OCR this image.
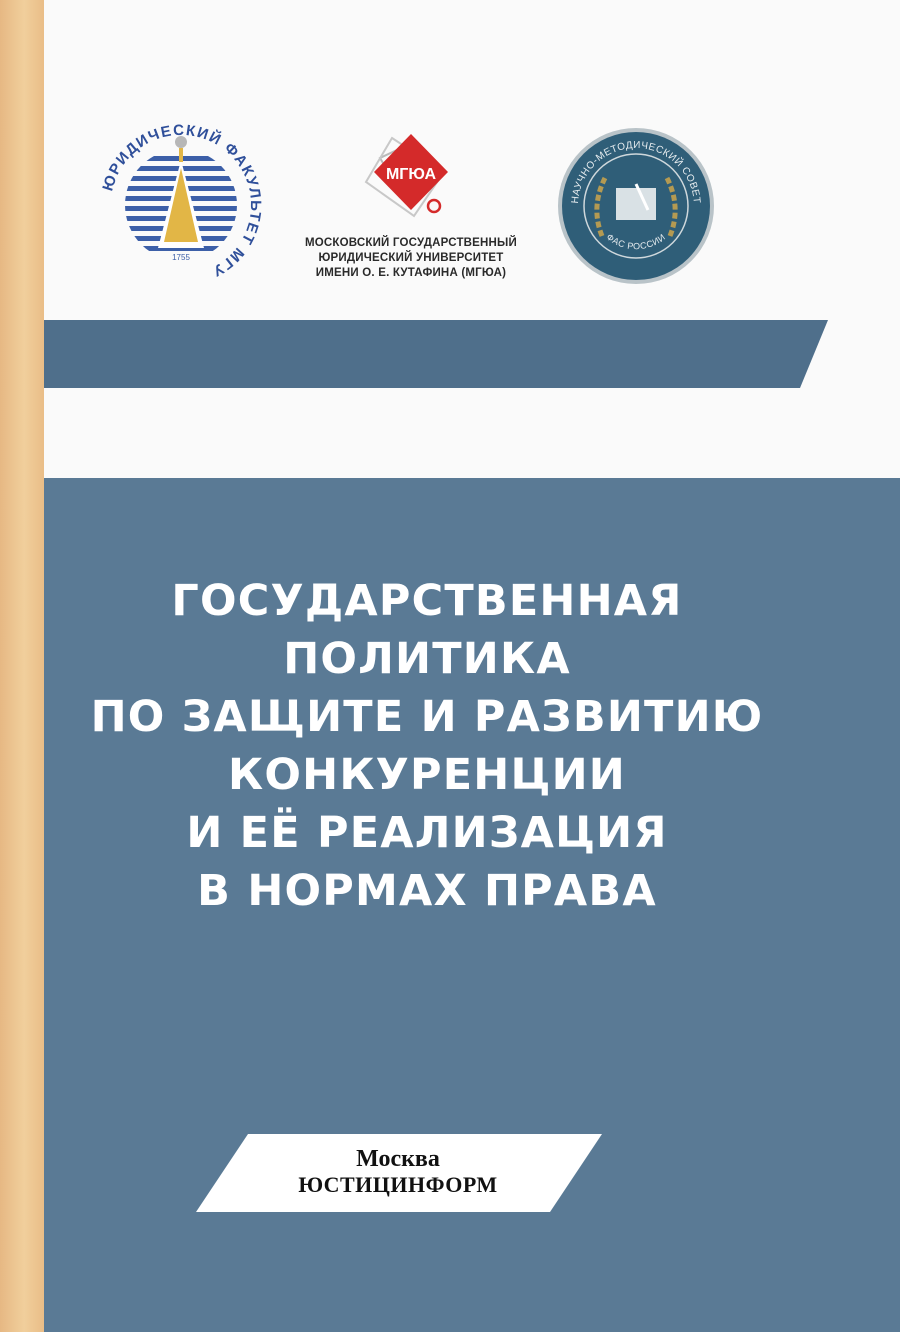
1755
ЮРИДИЧЕСКИЙ ФАКУЛЬТЕТ МГУ
МГЮА
МОСКОВСКИЙ ГОСУДАРСТВЕННЫЙ
ЮРИДИЧЕСКИЙ УНИВЕРСИТЕТ
ИМЕНИ О. Е. КУТАФИНА (МГЮА)
НАУЧНО-МЕТОДИЧЕСКИЙ СОВЕТ
ФАС РОССИИ
ГОСУДАРСТВЕННАЯ
ПОЛИТИКА
ПО ЗАЩИТЕ И РАЗВИТИЮ
КОНКУРЕНЦИИ
И ЕЁ РЕАЛИЗАЦИЯ
В НОРМАХ ПРАВА
Москва
ЮСТИЦИНФОРМ
